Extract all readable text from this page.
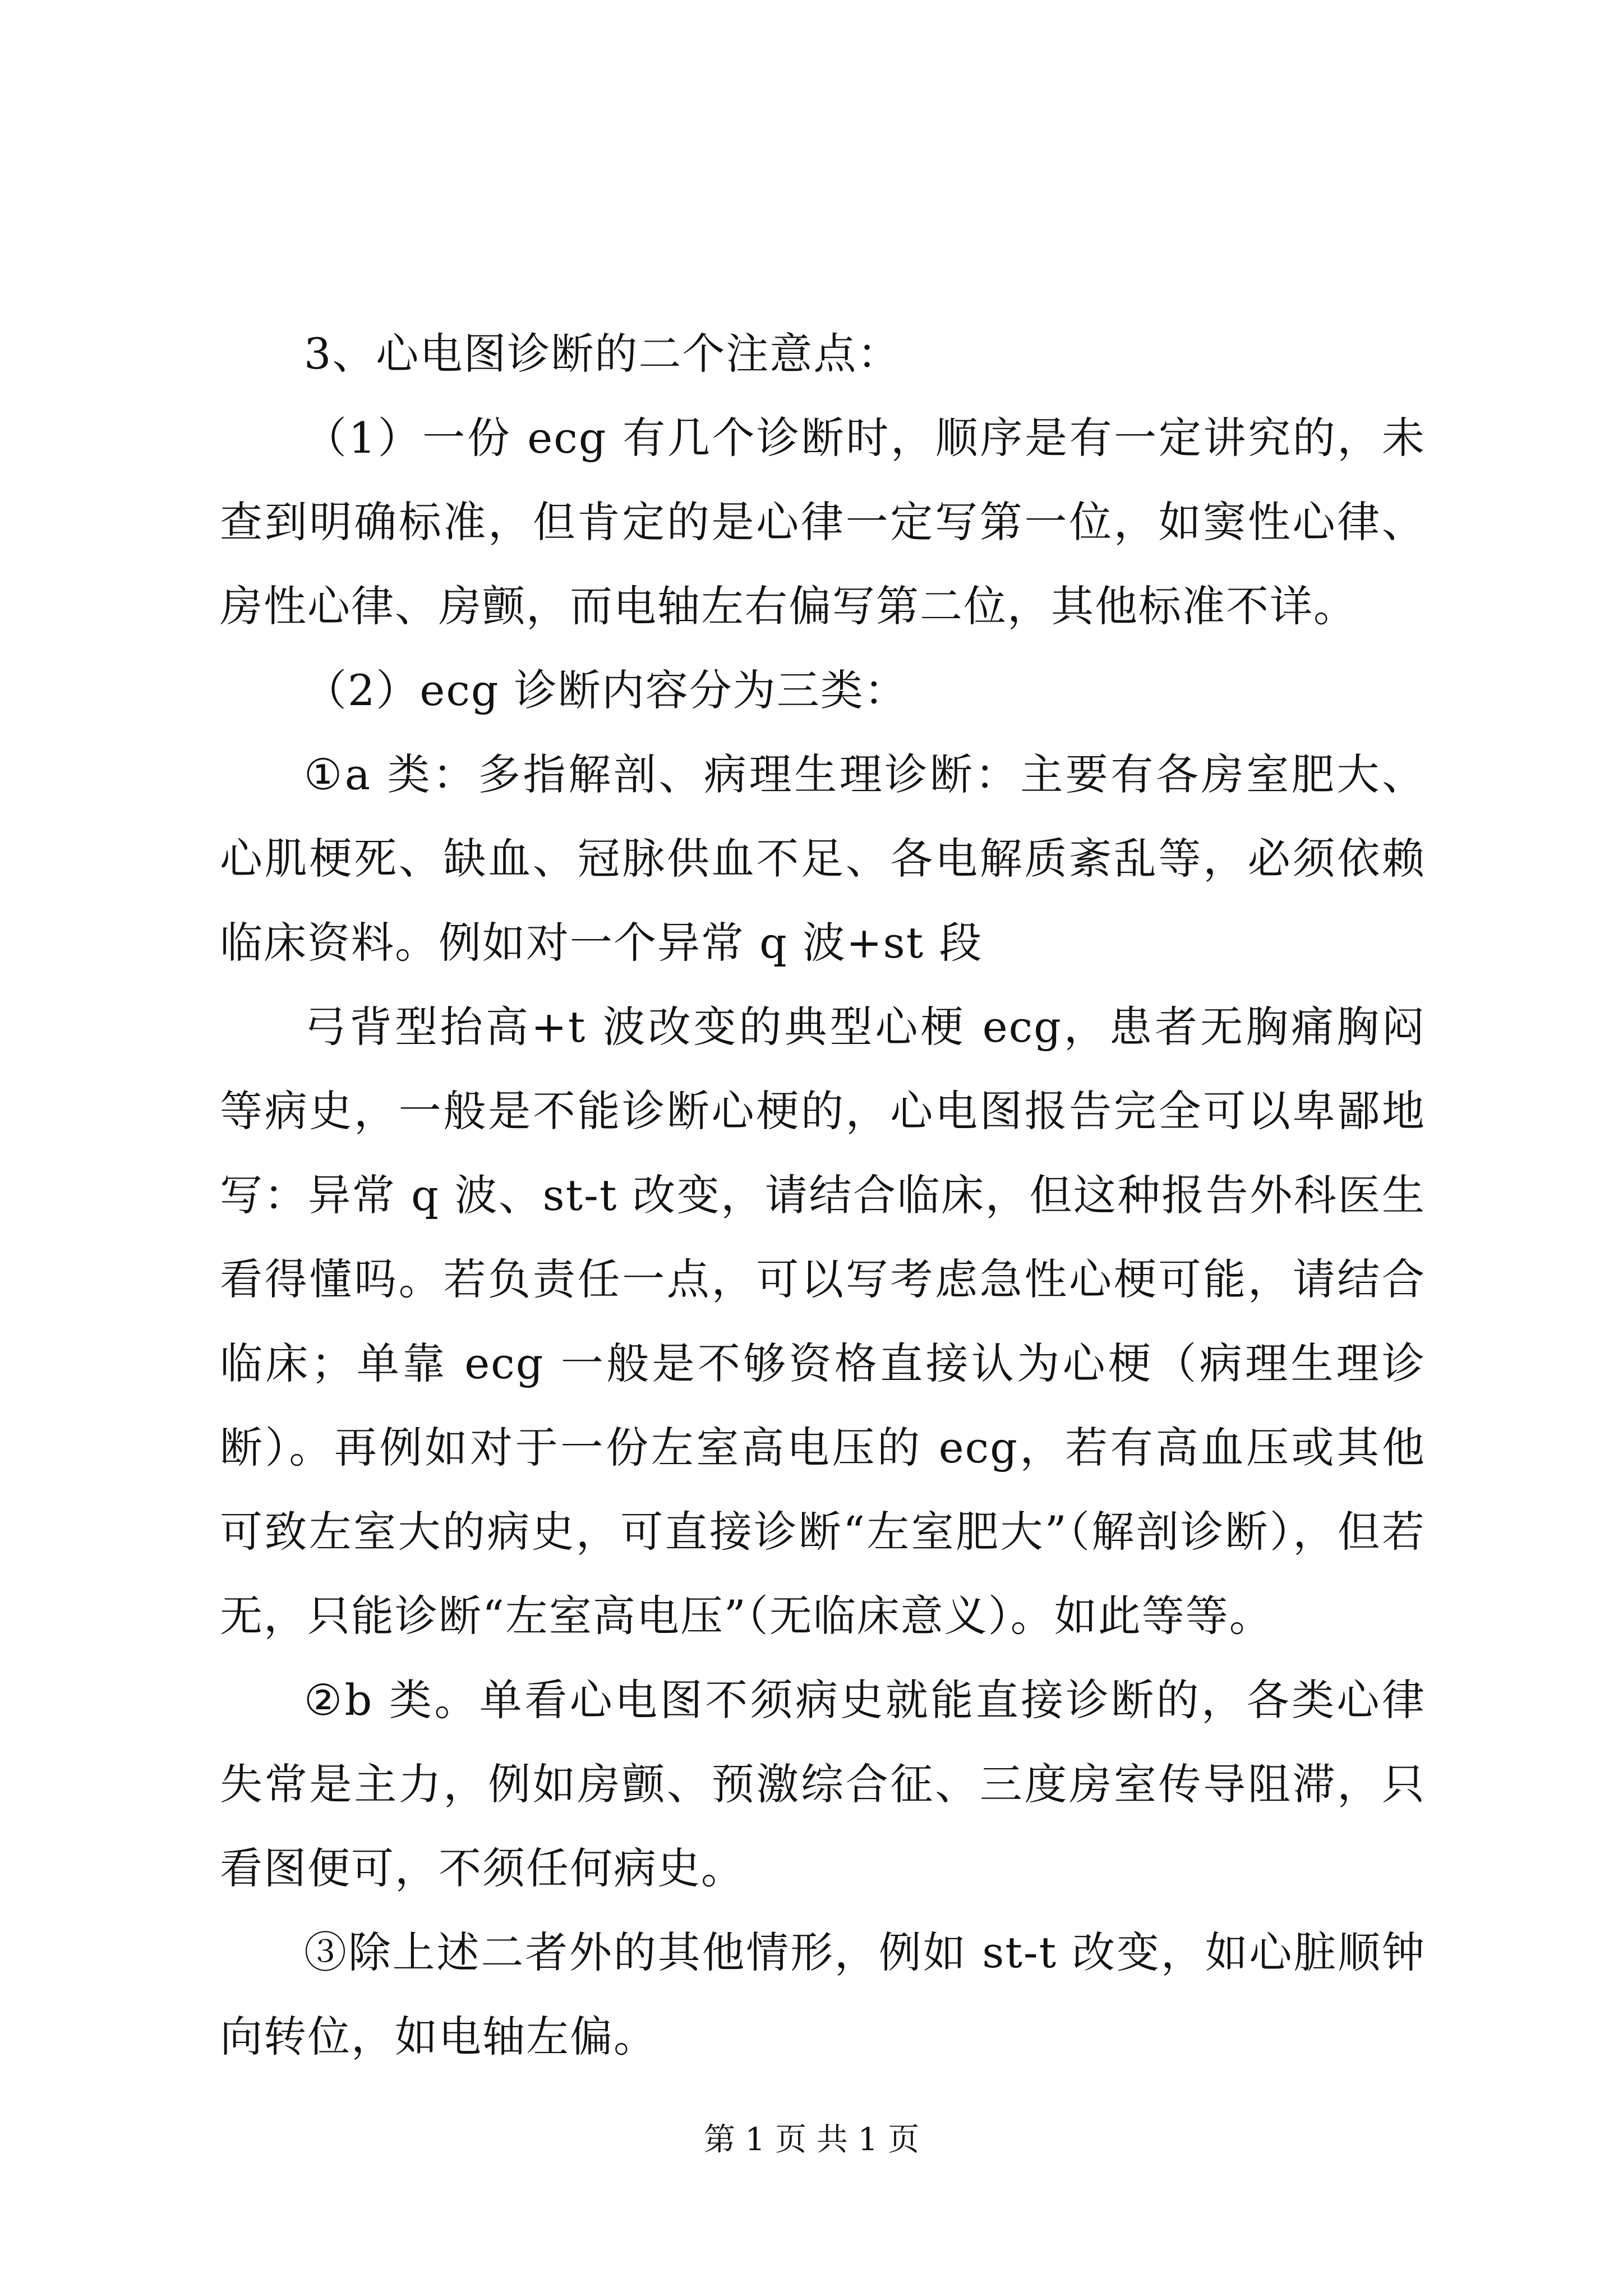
3、心电图诊断的二个注意点：

（1）一份 ecg 有几个诊断时，顺序是有一定讲究的，未查到明确标准，但肯定的是心律一定写第一位，如窦性心律、房性心律、房颤，而电轴左右偏写第二位，其他标准不详。

（2）ecg 诊断内容分为三类：

①a 类：多指解剖、病理生理诊断：主要有各房室肥大、心肌梗死、缺血、冠脉供血不足、各电解质紊乱等，必须依赖临床资料。例如对一个异常 q 波+st 段

弓背型抬高+t 波改变的典型心梗 ecg，患者无胸痛胸闷等病史，一般是不能诊断心梗的，心电图报告完全可以卑鄙地写：异常 q 波、st-t 改变，请结合临床，但这种报告外科医生看得懂吗。若负责任一点，可以写考虑急性心梗可能，请结合临床；单靠 ecg 一般是不够资格直接认为心梗（病理生理诊断）。再例如对于一份左室高电压的 ecg，若有高血压或其他可致左室大的病史，可直接诊断“左室肥大”（解剖诊断），但若无，只能诊断“左室高电压”（无临床意义）。如此等等。

②b 类。单看心电图不须病史就能直接诊断的，各类心律失常是主力，例如房颤、预激综合征、三度房室传导阻滞，只看图便可，不须任何病史。

③除上述二者外的其他情形，例如 st-t 改变，如心脏顺钟向转位，如电轴左偏。

第 1 页 共 1 页
